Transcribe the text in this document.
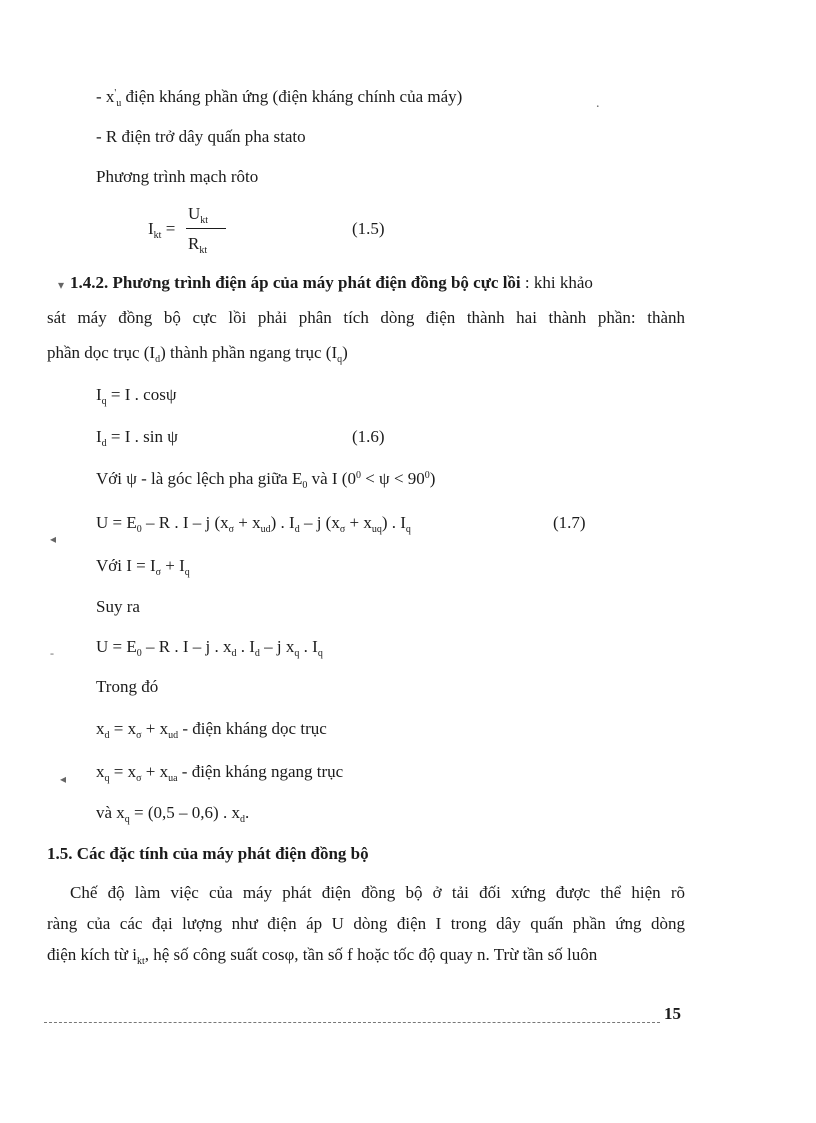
.
▾
◂
-
◂
- $x'_u$ điện kháng phần ứng (điện kháng chính của máy)
- R điện trở dây quấn pha stato
Phương trình mạch rôto
$I_{kt}$ =
$U_{kt}$
$R_{kt}$
(1.5)
1.4.2. Phương trình điện áp của máy phát điện đồng bộ cực lồi : khi khảo
sát máy đồng bộ cực lồi phải phân tích dòng điện thành hai thành phần: thành
phần dọc trục $(I_d)$ thành phần ngang trục $(I_q)$
$I_q = I$ . cosψ
$I_d = I$ . sin ψ	(1.6)
Với ψ - là góc lệch pha giữa $E_0$ và I $(0^0 < \psi < 90^0)$
$U = E_0 - R$ . I – j $(x_\sigma + x_{ud})$ . $I_d$ – j $(x_\sigma + x_{uq})$ . $I_q$	(1.7)
Với $I = I_\sigma + I_q$
Suy ra
$U = E_0 - R$ . I – j . $x_d$ . $I_d$ – j $x_q$ . $I_q$
Trong đó
$x_d = x_\sigma + x_{ud}$ - điện kháng dọc trục
$x_q = x_\sigma + x_{ua}$ - điện kháng ngang trục
và $x_q = (0,5 - 0,6)$ . $x_d$.
1.5. Các đặc tính của máy phát điện đồng bộ
Chế độ làm việc của máy phát điện đồng bộ ở tải đối xứng được thể hiện rõ
ràng của các đại lượng như điện áp U dòng điện I trong dây quấn phần ứng dòng
điện kích từ $i_{kt}$, hệ số công suất cosφ, tần số f hoặc tốc độ quay n. Trừ tần số luôn
15
